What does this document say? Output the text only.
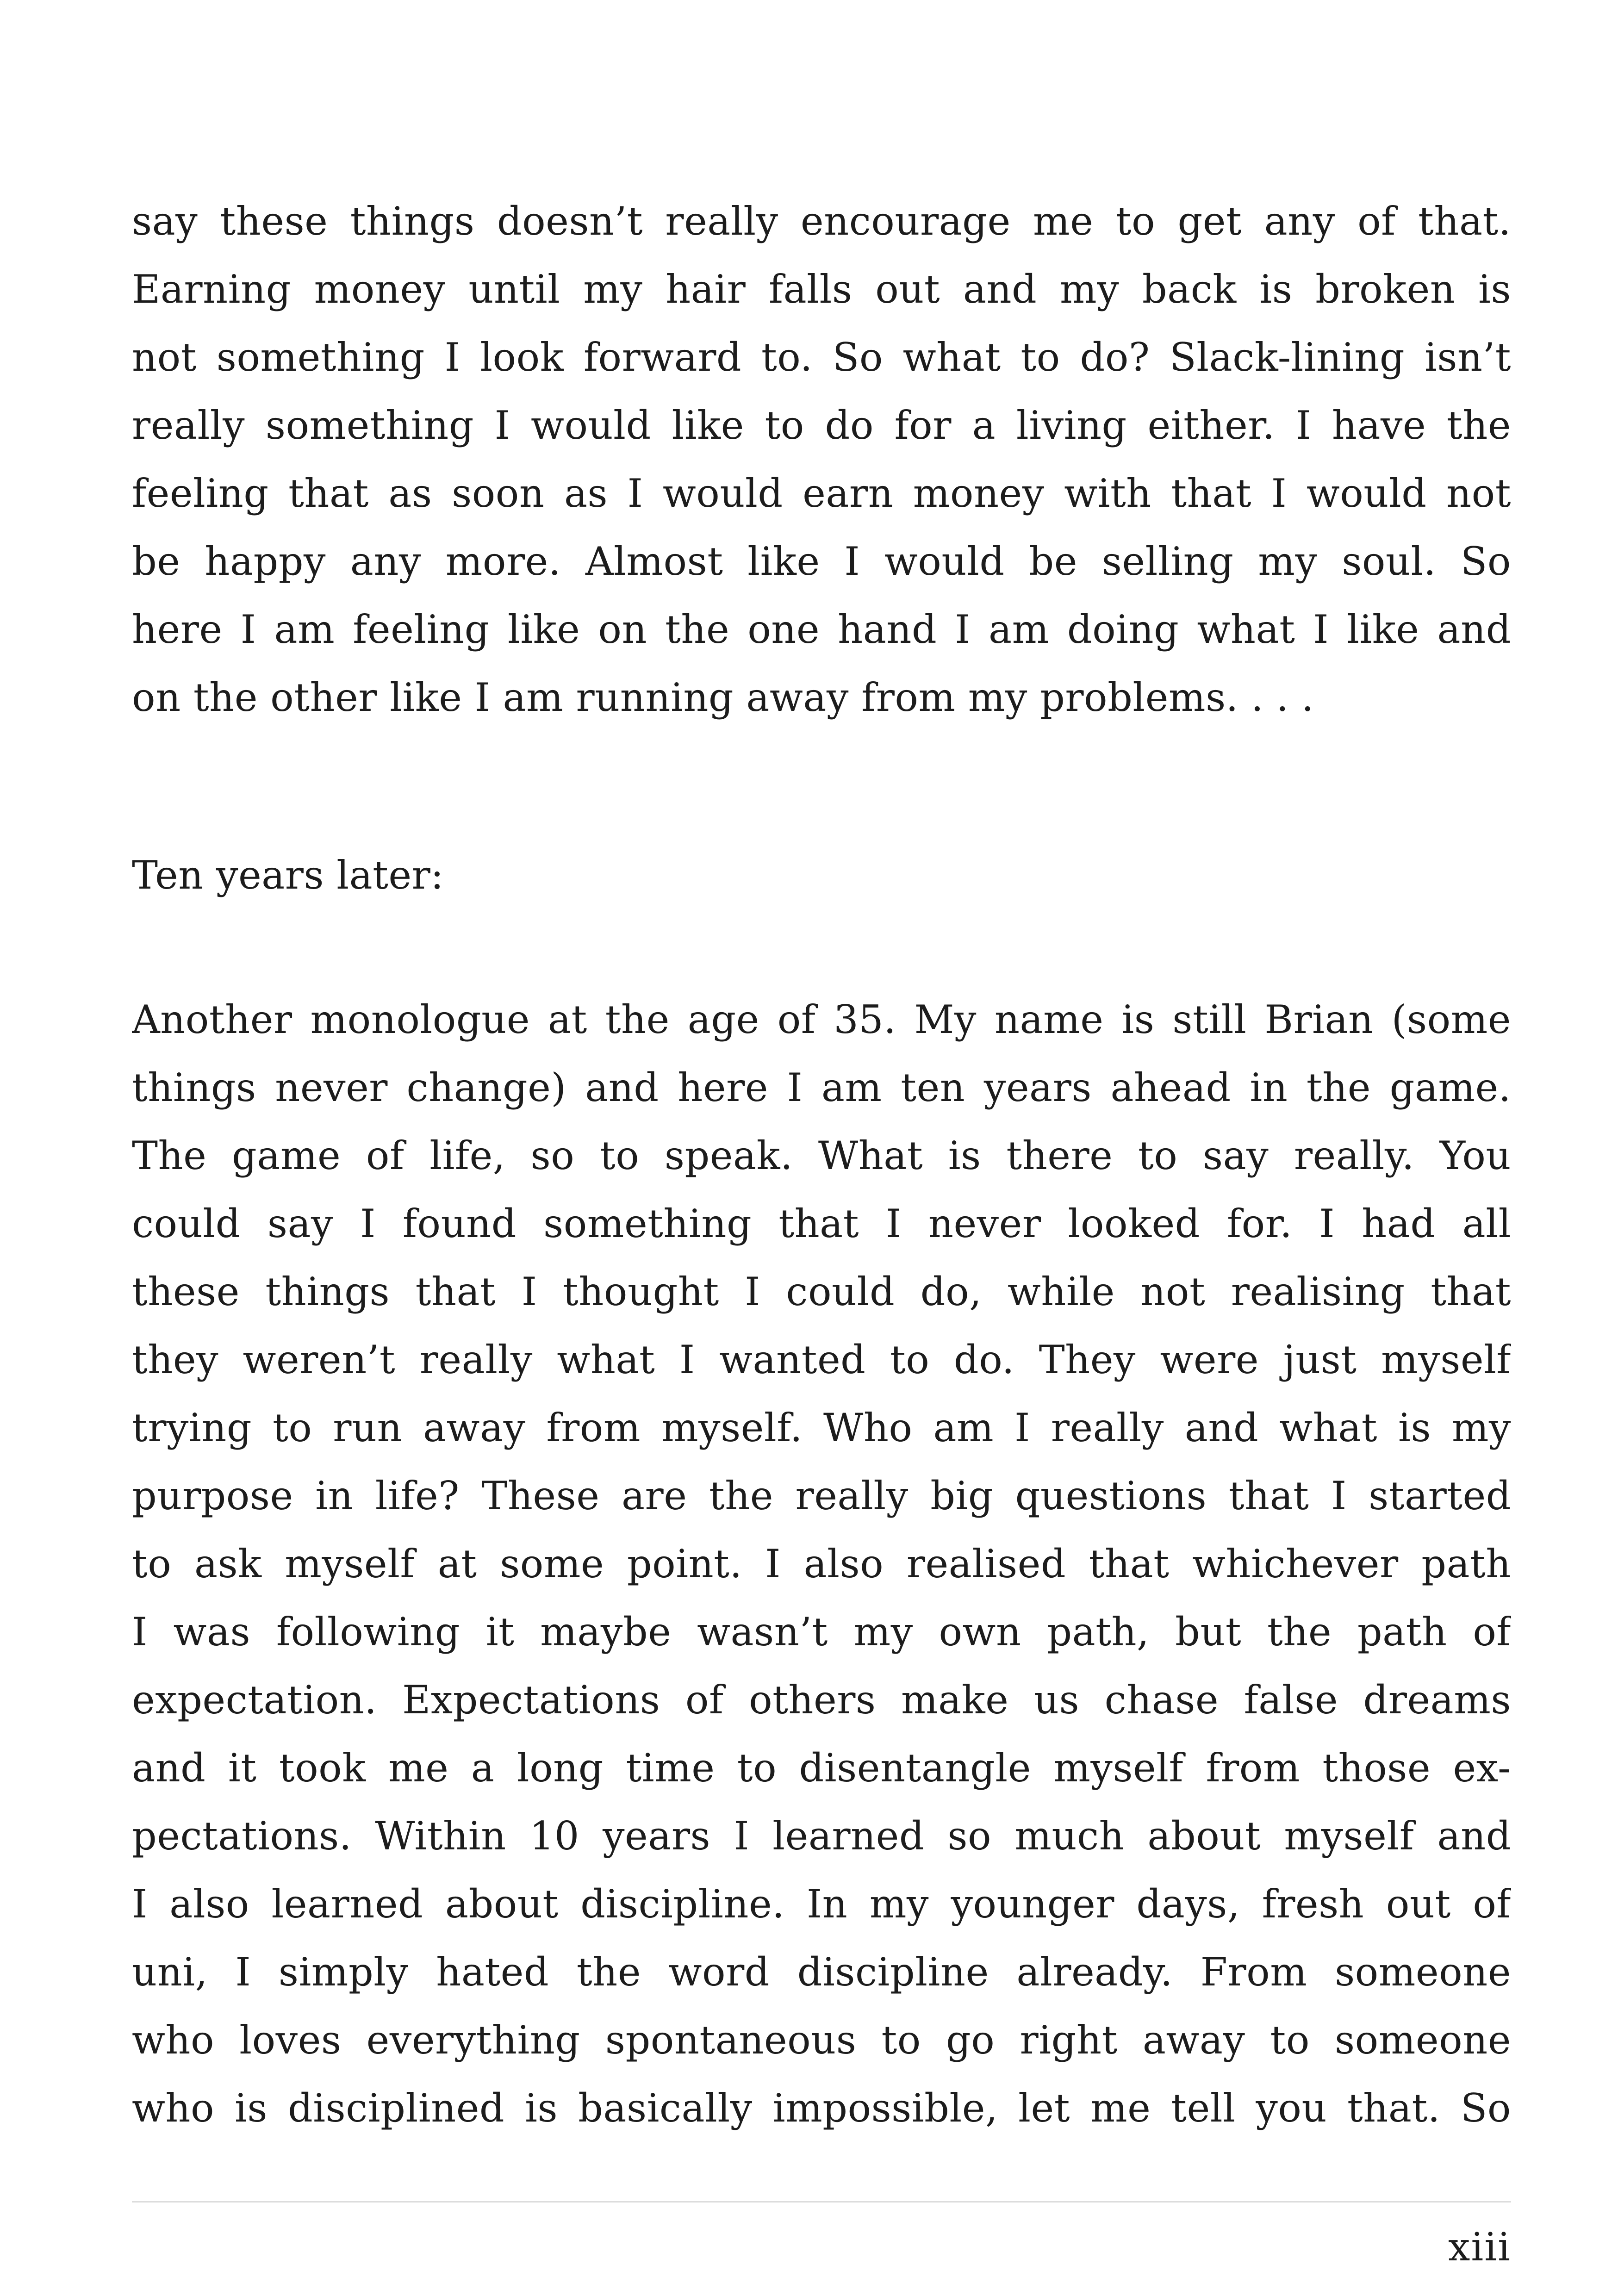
say these things doesn’t really encourage me to get any of that.
Earning money until my hair falls out and my back is broken is
not something I look forward to. So what to do? Slack-lining isn’t
really something I would like to do for a living either. I have the
feeling that as soon as I would earn money with that I would not
be happy any more. Almost like I would be selling my soul. So
here I am feeling like on the one hand I am doing what I like and
on the other like I am running away from my problems. . . .

Ten years later:

Another monologue at the age of 35. My name is still Brian (some
things never change) and here I am ten years ahead in the game.
The game of life, so to speak. What is there to say really. You
could say I found something that I never looked for. I had all
these things that I thought I could do, while not realising that
they weren’t really what I wanted to do. They were just myself
trying to run away from myself. Who am I really and what is my
purpose in life? These are the really big questions that I started
to ask myself at some point. I also realised that whichever path
I was following it maybe wasn’t my own path, but the path of
expectation. Expectations of others make us chase false dreams
and it took me a long time to disentangle myself from those ex-
pectations. Within 10 years I learned so much about myself and
I also learned about discipline. In my younger days, fresh out of
uni, I simply hated the word discipline already. From someone
who loves everything spontaneous to go right away to someone
who is disciplined is basically impossible, let me tell you that. So
xiii
